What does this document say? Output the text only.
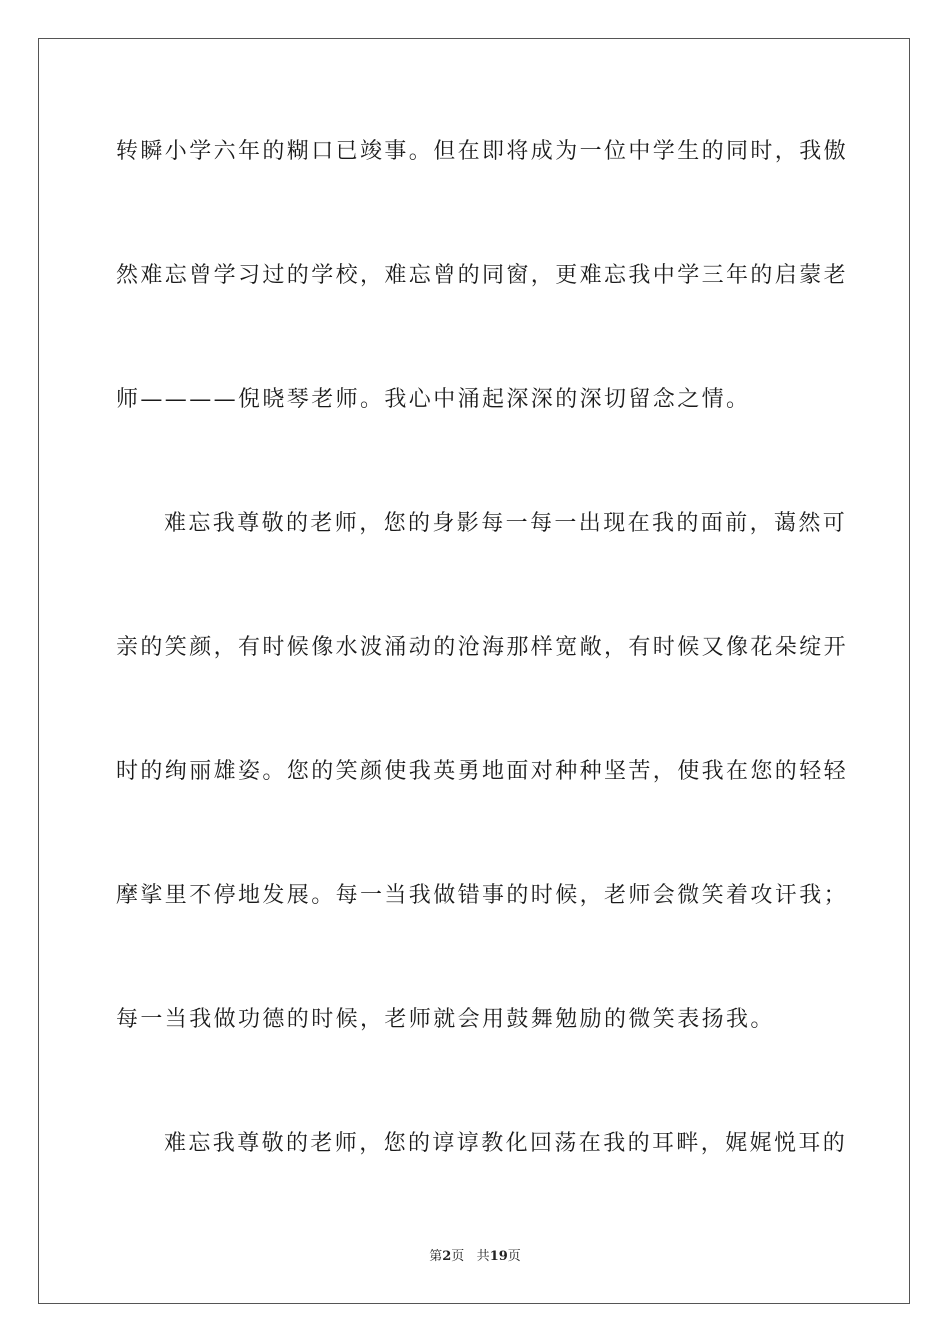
转瞬小学六年的糊口已竣事。但在即将成为一位中学生的同时，我傲
然难忘曾学习过的学校，难忘曾的同窗，更难忘我中学三年的启蒙老
师————倪晓琴老师。我心中涌起深深的深切留念之情。
难忘我尊敬的老师，您的身影每一每一出现在我的面前，蔼然可
亲的笑颜，有时候像水波涌动的沧海那样宽敞，有时候又像花朵绽开
时的绚丽雄姿。您的笑颜使我英勇地面对种种坚苦，使我在您的轻轻
摩挲里不停地发展。每一当我做错事的时候，老师会微笑着攻讦我；
每一当我做功德的时候，老师就会用鼓舞勉励的微笑表扬我。
难忘我尊敬的老师，您的谆谆教化回荡在我的耳畔，娓娓悦耳的
第2页 共19页
